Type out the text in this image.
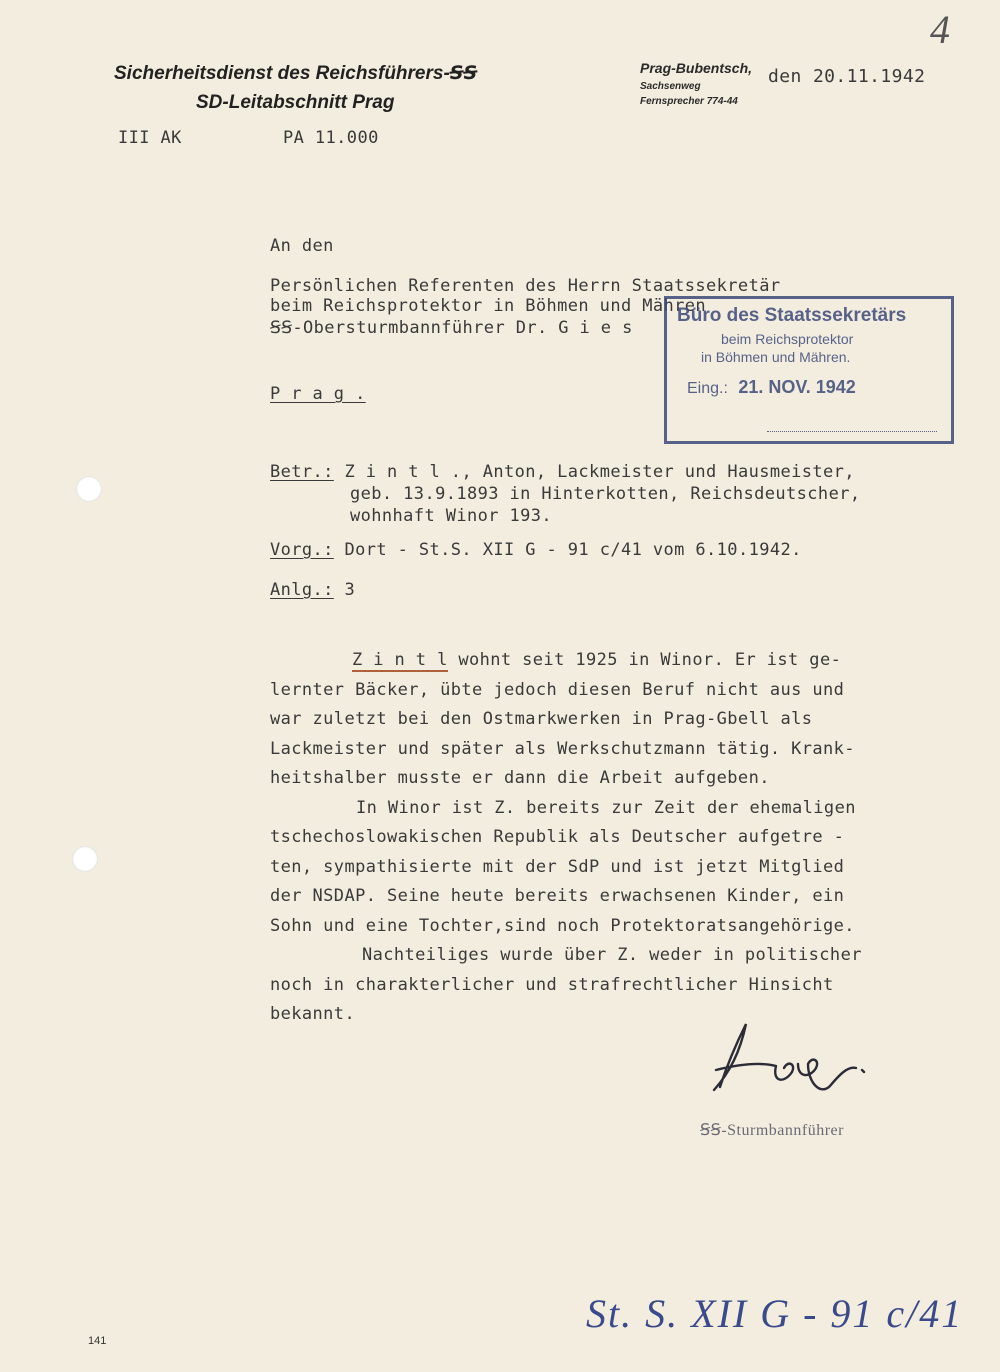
Sicherheitsdienst des Reichsführers-ꞨꞨ
SD-Leitabschnitt Prag
Prag-Bubentsch,
Sachsenweg
Fernsprecher 774-44
den 20.11.1942
4
III AK	PA 11.000
An den
Persönlichen Referenten des Herrn Staatssekretär
beim Reichsprotektor in Böhmen und Mähren
ꞨꞨ-Obersturmbannführer Dr. G i e s
P r a g .
Büro des Staatssekretärs
beim Reichsprotektor
in Böhmen und Mähren.
Eing.: 21. NOV. 1942
Betr.: Z i n t l ., Anton, Lackmeister und Hausmeister,
geb. 13.9.1893 in Hinterkotten, Reichsdeutscher,
wohnhaft Winor 193.
Vorg.: Dort - St.S. XII G - 91 c/41 vom 6.10.1942.
Anlg.: 3
Z i n t l wohnt seit 1925 in Winor. Er ist ge-
lernter Bäcker, übte jedoch diesen Beruf nicht aus und
war zuletzt bei den Ostmarkwerken in Prag-Gbell als
Lackmeister und später als Werkschutzmann tätig. Krank-
heitshalber musste er dann die Arbeit aufgeben.
In Winor ist Z. bereits zur Zeit der ehemaligen
tschechoslowakischen Republik als Deutscher aufgetre -
ten, sympathisierte mit der SdP und ist jetzt Mitglied
der NSDAP. Seine heute bereits erwachsenen Kinder, ein
Sohn und eine Tochter,sind noch Protektoratsangehörige.
Nachteiliges wurde über Z. weder in politischer
noch in charakterlicher und strafrechtlicher Hinsicht
bekannt.
ꞨꞨ-Sturmbannführer
St. S. XII G - 91 c/41
141
